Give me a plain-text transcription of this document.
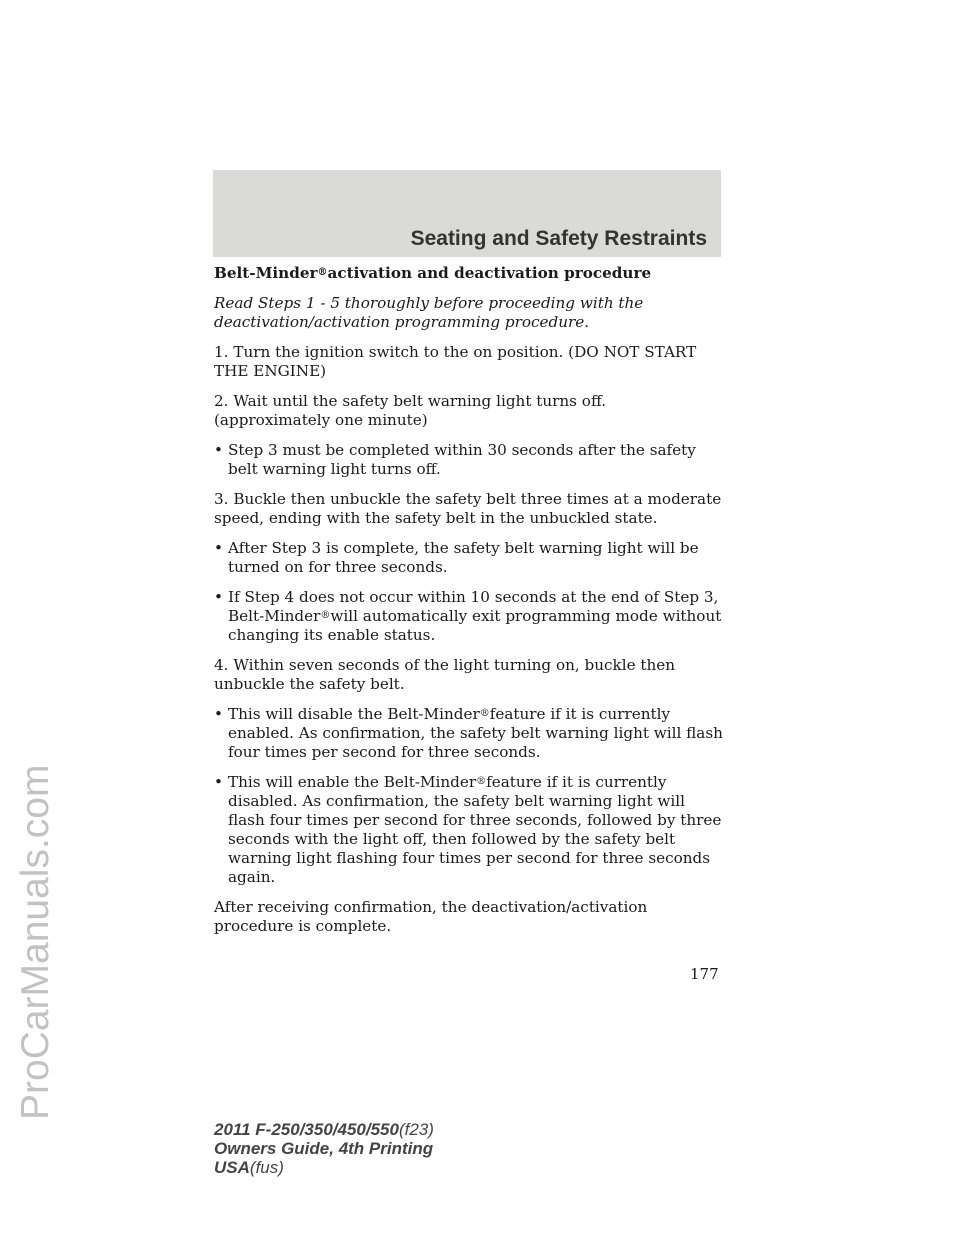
Seating and Safety Restraints
ProCarManuals.com

Belt-Minder®activation and deactivation procedure

Read Steps 1 - 5 thoroughly before proceeding with the deactivation/activation programming procedure.

1. Turn the ignition switch to the on position. (DO NOT START THE ENGINE)

2. Wait until the safety belt warning light turns off. (approximately one minute)

• Step 3 must be completed within 30 seconds after the safety belt warning light turns off.

3. Buckle then unbuckle the safety belt three times at a moderate speed, ending with the safety belt in the unbuckled state.

• After Step 3 is complete, the safety belt warning light will be turned on for three seconds.
• If Step 4 does not occur within 10 seconds at the end of Step 3, Belt-Minder®will automatically exit programming mode without changing its enable status.

4. Within seven seconds of the light turning on, buckle then unbuckle the safety belt.

• This will disable the Belt-Minder®feature if it is currently enabled. As confirmation, the safety belt warning light will flash four times per second for three seconds.
• This will enable the Belt-Minder®feature if it is currently disabled. As confirmation, the safety belt warning light will flash four times per second for three seconds, followed by three seconds with the light off, then followed by the safety belt warning light flashing four times per second for three seconds again.

After receiving confirmation, the deactivation/activation procedure is complete.

177
2011 F-250/350/450/550(f23)
Owners Guide, 4th Printing
USA(fus)
